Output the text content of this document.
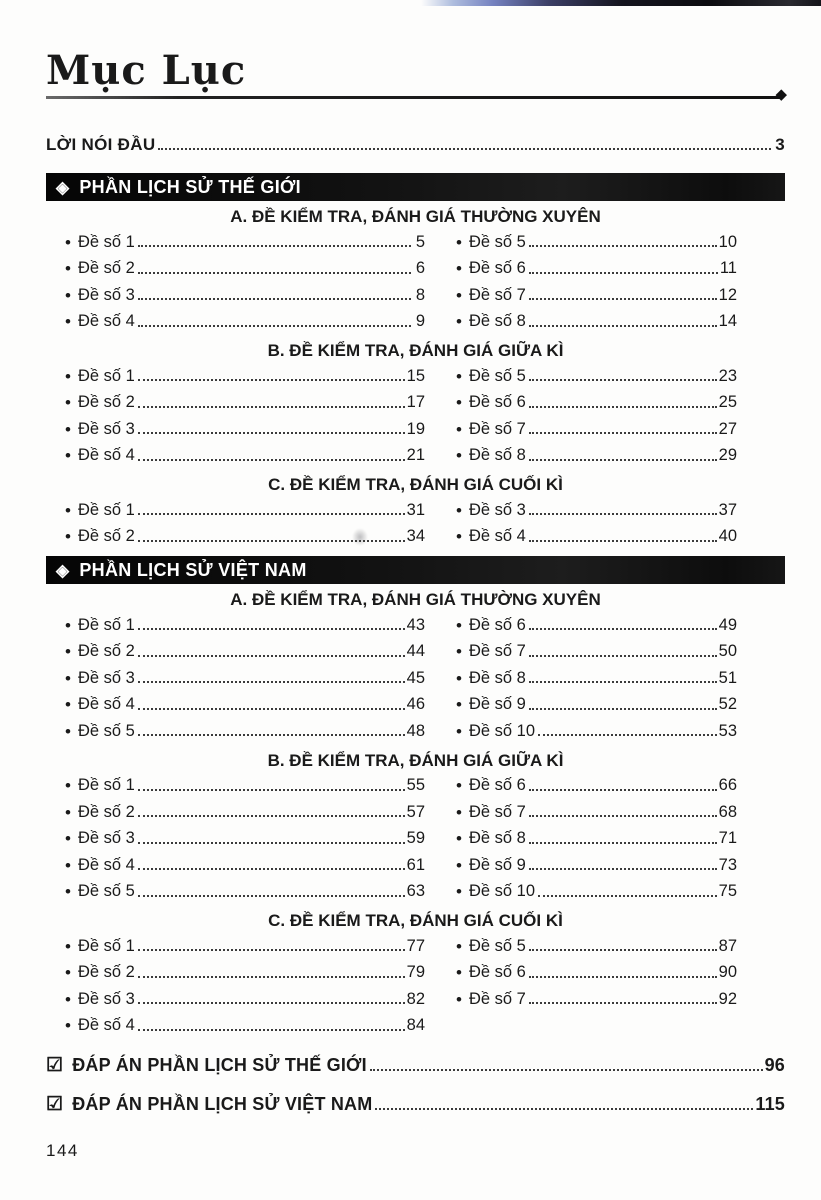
Mục Lục
◆
LỜI NÓI ĐẦU	3
◈ PHẦN LỊCH SỬ THẾ GIỚI
A. ĐỀ KIỂM TRA, ĐÁNH GIÁ THƯỜNG XUYÊN
• Đề số 1	5
• Đề số 2	6
• Đề số 3	8
• Đề số 4	9
• Đề số 5	10
• Đề số 6	11
• Đề số 7	12
• Đề số 8	14
B. ĐỀ KIỂM TRA, ĐÁNH GIÁ GIỮA KÌ
• Đề số 1	15
• Đề số 2	17
• Đề số 3	19
• Đề số 4	21
• Đề số 5	23
• Đề số 6	25
• Đề số 7	27
• Đề số 8	29
C. ĐỀ KIỂM TRA, ĐÁNH GIÁ CUỐI KÌ
• Đề số 1	31
• Đề số 2	34
• Đề số 3	37
• Đề số 4	40
◈ PHẦN LỊCH SỬ VIỆT NAM
A. ĐỀ KIỂM TRA, ĐÁNH GIÁ THƯỜNG XUYÊN
• Đề số 1	43
• Đề số 2	44
• Đề số 3	45
• Đề số 4	46
• Đề số 5	48
• Đề số 6	49
• Đề số 7	50
• Đề số 8	51
• Đề số 9	52
• Đề số 10	53
B. ĐỀ KIỂM TRA, ĐÁNH GIÁ GIỮA KÌ
• Đề số 1	55
• Đề số 2	57
• Đề số 3	59
• Đề số 4	61
• Đề số 5	63
• Đề số 6	66
• Đề số 7	68
• Đề số 8	71
• Đề số 9	73
• Đề số 10	75
C. ĐỀ KIỂM TRA, ĐÁNH GIÁ CUỐI KÌ
• Đề số 1	77
• Đề số 2	79
• Đề số 3	82
• Đề số 4	84
• Đề số 5	87
• Đề số 6	90
• Đề số 7	92
☑ ĐÁP ÁN PHẦN LỊCH SỬ THẾ GIỚI	96
☑ ĐÁP ÁN PHẦN LỊCH SỬ VIỆT NAM	115
144
